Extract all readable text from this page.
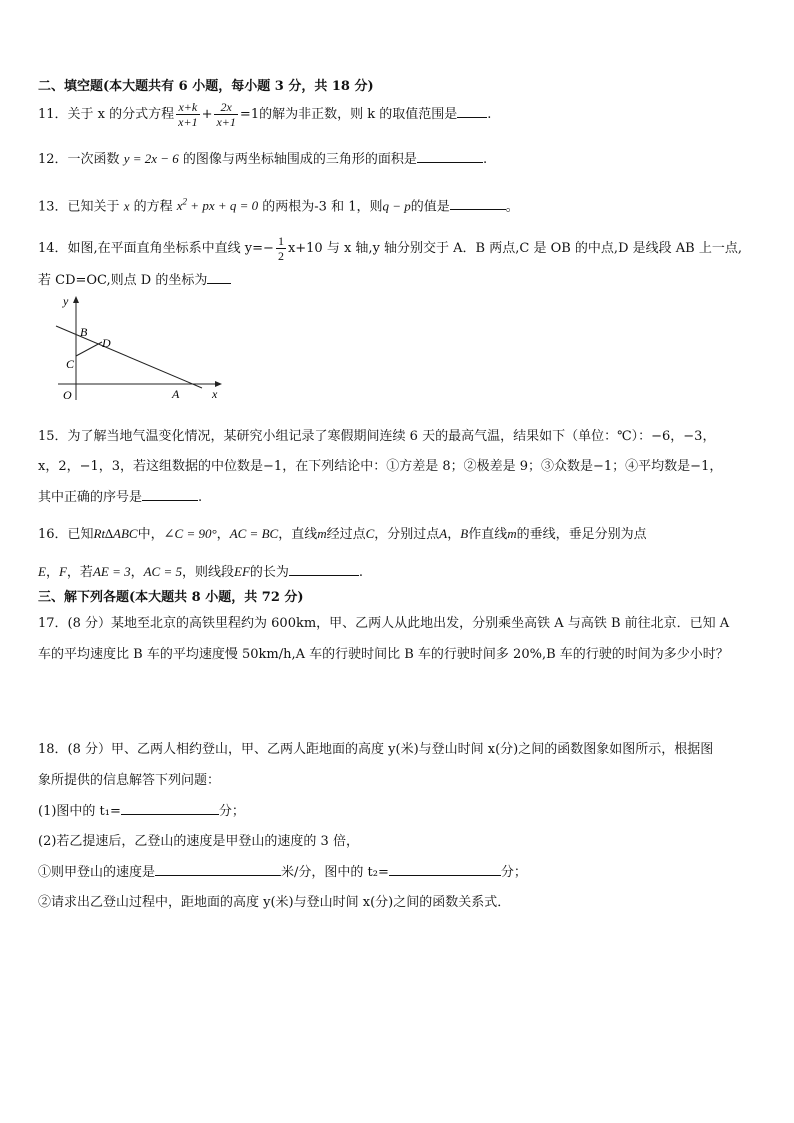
二、填空题(本大题共有 6 小题，每小题 3 分，共 18 分)
11．关于 x 的分式方程 $\frac{x+k}{x+1} + \frac{2x}{x+1} =1$的解为非正数，则 k 的取值范围是 .
12．一次函数 y = 2x − 6 的图像与两坐标轴围成的三角形的面积是	.
13．已知关于 x 的方程 $x^2$ + px + q = 0 的两根为-3 和 1，则q − p的值是	。
14．如图,在平面直角坐标系中直线 $y=- \frac{1}{2} x+10$ 与 x 轴,y 轴分别交于 A．B 两点,C 是 OB 的中点,D 是线段 AB 上一点,
若 CD=OC,则点 D 的坐标为
y
x
O	A
B
C
D
15．为了解当地气温变化情况，某研究小组记录了寒假期间连续 6 天的最高气温，结果如下（单位：℃）：−6，−3，
x，2，−1，3，若这组数据的中位数是−1，在下列结论中：①方差是 8；②极差是 9；③众数是−1；④平均数是−1，
其中正确的序号是	.
16．已知Rt∆ABC中，∠C = 90°，AC = BC，直线m经过点C，分别过点A，B作直线m的垂线，垂足分别为点
E，F，若AE = 3，AC = 5，则线段EF的长为	.
三、解下列各题(本大题共 8 小题，共 72 分)
17．(8 分）某地至北京的高铁里程约为 600km，甲、乙两人从此地出发，分别乘坐高铁 A 与高铁 B 前往北京．已知 A
车的平均速度比 B 车的平均速度慢 50km/h,A 车的行驶时间比 B 车的行驶时间多 20%,B 车的行驶的时间为多少小时？
18．(8 分）甲、乙两人相约登山，甲、乙两人距地面的高度 y(米)与登山时间 x(分)之间的函数图象如图所示，根据图
象所提供的信息解答下列问题：
(1)图中的 t₁=	分；
(2)若乙提速后，乙登山的速度是甲登山的速度的 3 倍，
①则甲登山的速度是	米/分，图中的 t₂=	分；
②请求出乙登山过程中，距地面的高度 y(米)与登山时间 x(分)之间的函数关系式．
